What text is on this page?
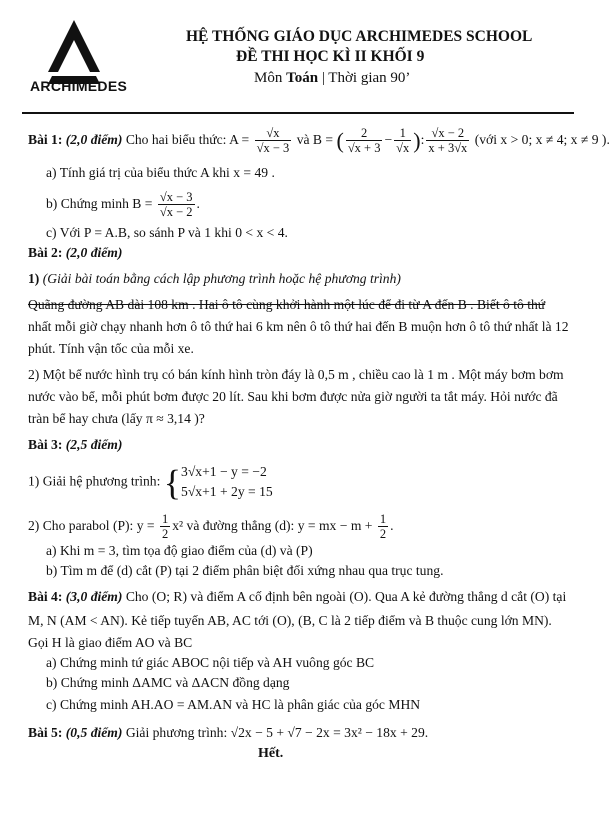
ARCHIMEDES
HỆ THỐNG GIÁO DỤC ARCHIMEDES SCHOOL
ĐỀ THI HỌC KÌ II KHỐI 9
Môn Toán | Thời gian 90’
Bài 1: (2,0 điểm) Cho hai biểu thức: $A = \frac{√x}{√x - 3}$ và B = ( $\frac{2}{√x + 3} - \frac{1}{√x}$ ): $\frac{√x - 2}{x + 3√x}$ (với x > 0; x ≠ 4; x ≠ 9 ).
a) Tính giá trị của biểu thức A khi x = 49 .
b) Chứng minh $B = \frac{√x - 3}{√x - 2}$ .
c) Với P = A.B, so sánh P và 1 khi 0 < x < 4.
Bài 2: (2,0 điểm)
1) (Giải bài toán bằng cách lập phương trình hoặc hệ phương trình)
Quãng đường AB dài 108 km . Hai ô tô cùng khởi hành một lúc để đi từ A đến B . Biết ô tô thứ
nhất mỗi giờ chạy nhanh hơn ô tô thứ hai 6 km nên ô tô thứ hai đến B muộn hơn ô tô thứ nhất là 12
phút. Tính vận tốc của mỗi xe.
2) Một bể nước hình trụ có bán kính hình tròn đáy là 0,5 m , chiều cao là 1 m . Một máy bơm bơm
nước vào bể, mỗi phút bơm được 20 lít. Sau khi bơm được nửa giờ người ta tắt máy. Hỏi nước đã
tràn bể hay chưa (lấy π ≈ 3,14 )?
Bài 3: (2,5 điểm)
1) Giải hệ phương trình: { 3√x+1 − y = −2
5√x+1 + 2y = 15
2) Cho parabol (P): $y = \frac{1}{2} x^2$ và đường thẳng (d): y = mx − $m + \frac{1}{2}$ .
a) Khi m = 3, tìm tọa độ giao điểm của (d) và (P)
b) Tìm m để (d) cắt (P) tại 2 điểm phân biệt đối xứng nhau qua trục tung.
Bài 4: (3,0 điểm) Cho (O; R) và điểm A cố định bên ngoài (O). Qua A kẻ đường thẳng d cắt (O) tại
M, N (AM < AN). Kẻ tiếp tuyến AB, AC tới (O), (B, C là 2 tiếp điểm và B thuộc cung lớn MN).
Gọi H là giao điểm AO và BC
a) Chứng minh tứ giác ABOC nội tiếp và AH vuông góc BC
b) Chứng minh ΔAMC và ΔACN đồng dạng
c) Chứng minh AH.AO = AM.AN và HC là phân giác của góc MHN
Bài 5: (0,5 điểm) Giải phương trình: √2x − 5 + √7 − 2x = 3x² − 18x + 29.
Hết.
